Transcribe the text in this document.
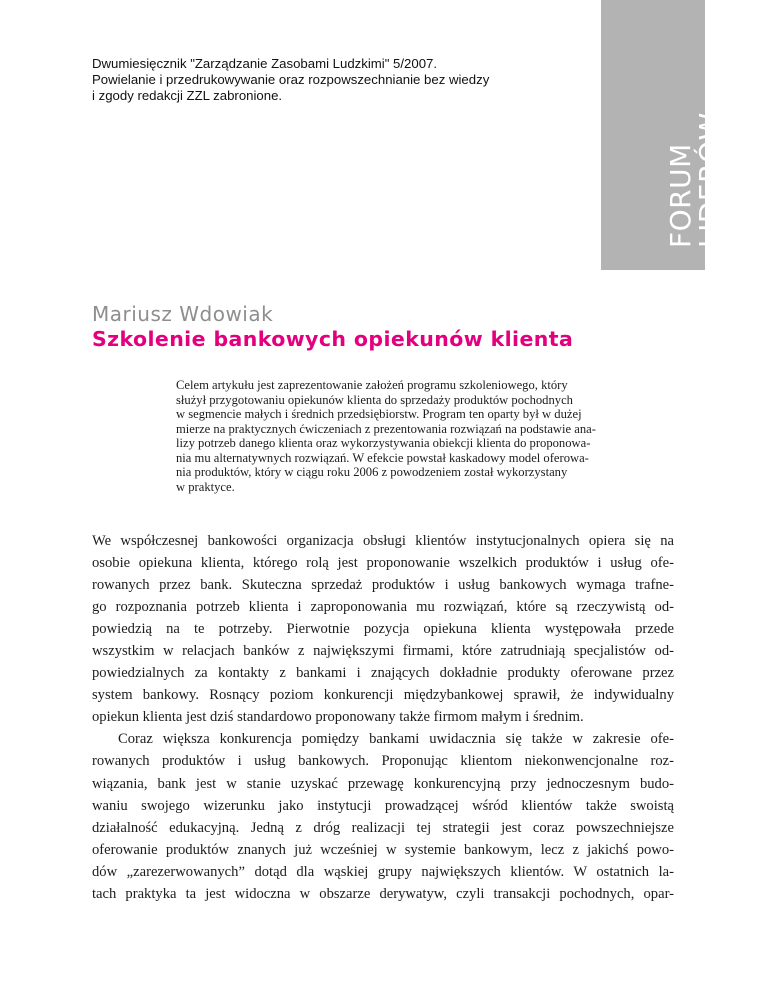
Dwumiesięcznik "Zarządzanie Zasobami Ludzkimi" 5/2007.
Powielanie i przedrukowywanie oraz rozpowszechnianie bez wiedzy
i zgody redakcji ZZL zabronione.
FORUM
LIDERÓW
Mariusz Wdowiak
Szkolenie bankowych opiekunów klienta
Celem artykułu jest zaprezentowanie założeń programu szkoleniowego, który
służył przygotowaniu opiekunów klienta do sprzedaży produktów pochodnych
w segmencie małych i średnich przedsiębiorstw. Program ten oparty był w dużej
mierze na praktycznych ćwiczeniach z prezentowania rozwiązań na podstawie ana-
lizy potrzeb danego klienta oraz wykorzystywania obiekcji klienta do proponowa-
nia mu alternatywnych rozwiązań. W efekcie powstał kaskadowy model oferowa-
nia produktów, który w ciągu roku 2006 z powodzeniem został wykorzystany
w praktyce.
We współczesnej bankowości organizacja obsługi klientów instytucjonalnych opiera się na
osobie opiekuna klienta, którego rolą jest proponowanie wszelkich produktów i usług ofe-
rowanych przez bank. Skuteczna sprzedaż produktów i usług bankowych wymaga trafne-
go rozpoznania potrzeb klienta i zaproponowania mu rozwiązań, które są rzeczywistą od-
powiedzią na te potrzeby. Pierwotnie pozycja opiekuna klienta występowała przede
wszystkim w relacjach banków z największymi firmami, które zatrudniają specjalistów od-
powiedzialnych za kontakty z bankami i znających dokładnie produkty oferowane przez
system bankowy. Rosnący poziom konkurencji międzybankowej sprawił, że indywidualny
opiekun klienta jest dziś standardowo proponowany także firmom małym i średnim.
Coraz większa konkurencja pomiędzy bankami uwidacznia się także w zakresie ofe-
rowanych produktów i usług bankowych. Proponując klientom niekonwencjonalne roz-
wiązania, bank jest w stanie uzyskać przewagę konkurencyjną przy jednoczesnym budo-
waniu swojego wizerunku jako instytucji prowadzącej wśród klientów także swoistą
działalność edukacyjną. Jedną z dróg realizacji tej strategii jest coraz powszechniejsze
oferowanie produktów znanych już wcześniej w systemie bankowym, lecz z jakichś powo-
dów „zarezerwowanych” dotąd dla wąskiej grupy największych klientów. W ostatnich la-
tach praktyka ta jest widoczna w obszarze derywatyw, czyli transakcji pochodnych, opar-
